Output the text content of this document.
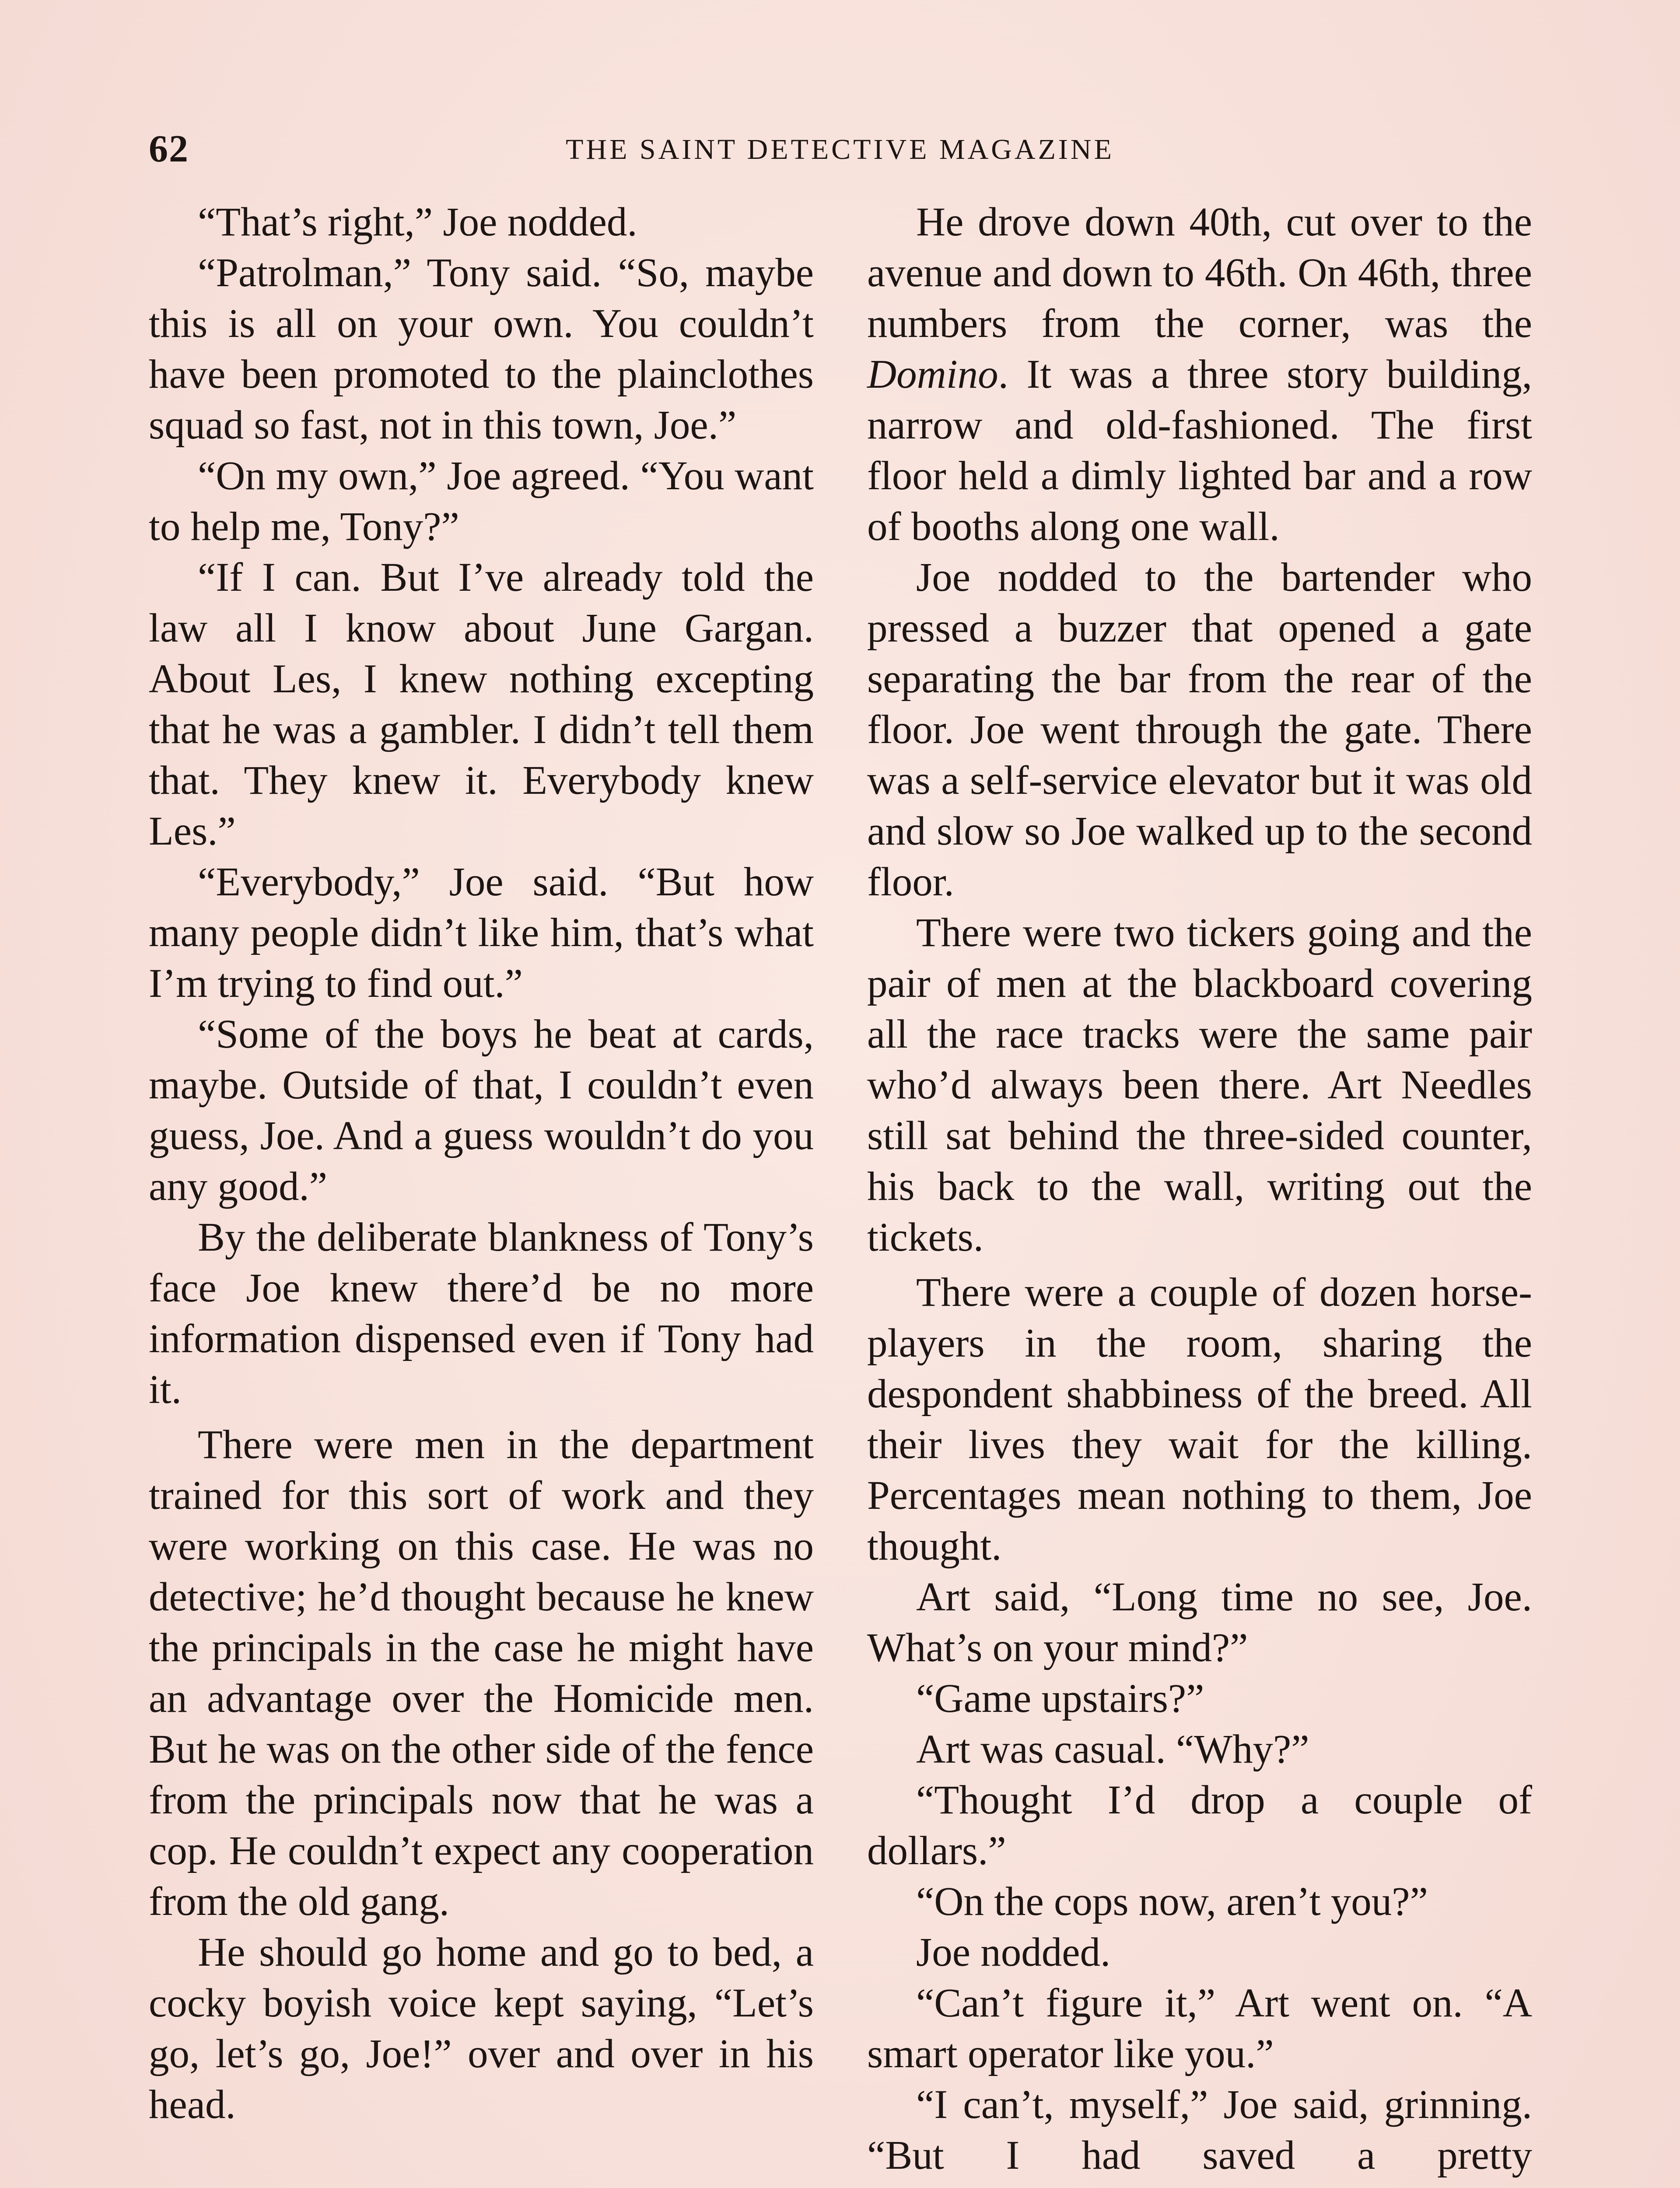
62	THE SAINT DETECTIVE MAGAZINE

“That’s right,” Joe nodded.

“Patrolman,” Tony said. “So, maybe this is all on your own. You couldn’t have been promoted to the plainclothes squad so fast, not in this town, Joe.”

“On my own,” Joe agreed. “You want to help me, Tony?”

“If I can. But I’ve already told the law all I know about June Gargan. About Les, I knew nothing excepting that he was a gambler. I didn’t tell them that. They knew it. Everybody knew Les.”

“Everybody,” Joe said. “But how many people didn’t like him, that’s what I’m trying to find out.”

“Some of the boys he beat at cards, maybe. Outside of that, I couldn’t even guess, Joe. And a guess wouldn’t do you any good.”

By the deliberate blankness of Tony’s face Joe knew there’d be no more information dispensed even if Tony had it.

There were men in the department trained for this sort of work and they were working on this case. He was no detective; he’d thought because he knew the principals in the case he might have an advantage over the Homicide men. But he was on the other side of the fence from the principals now that he was a cop. He couldn’t expect any cooperation from the old gang.

He should go home and go to bed, a cocky boyish voice kept saying, “Let’s go, let’s go, Joe!” over and over in his head.

He drove down 40th, cut over to the avenue and down to 46th. On 46th, three numbers from the corner, was the Domino. It was a three story building, narrow and old-fashioned. The first floor held a dimly lighted bar and a row of booths along one wall.

Joe nodded to the bartender who pressed a buzzer that opened a gate separating the bar from the rear of the floor. Joe went through the gate. There was a self-service elevator but it was old and slow so Joe walked up to the second floor.

There were two tickers going and the pair of men at the blackboard covering all the race tracks were the same pair who’d always been there. Art Needles still sat behind the three-sided counter, his back to the wall, writing out the tickets.

There were a couple of dozen horse-players in the room, sharing the despondent shabbiness of the breed. All their lives they wait for the killing. Percentages mean nothing to them, Joe thought.

Art said, “Long time no see, Joe. What’s on your mind?”

“Game upstairs?”

Art was casual. “Why?”

“Thought I’d drop a couple of dollars.”

“On the cops now, aren’t you?”

Joe nodded.

“Can’t figure it,” Art went on. “A smart operator like you.”

“I can’t, myself,” Joe said, grinning. “But I had saved a pretty
